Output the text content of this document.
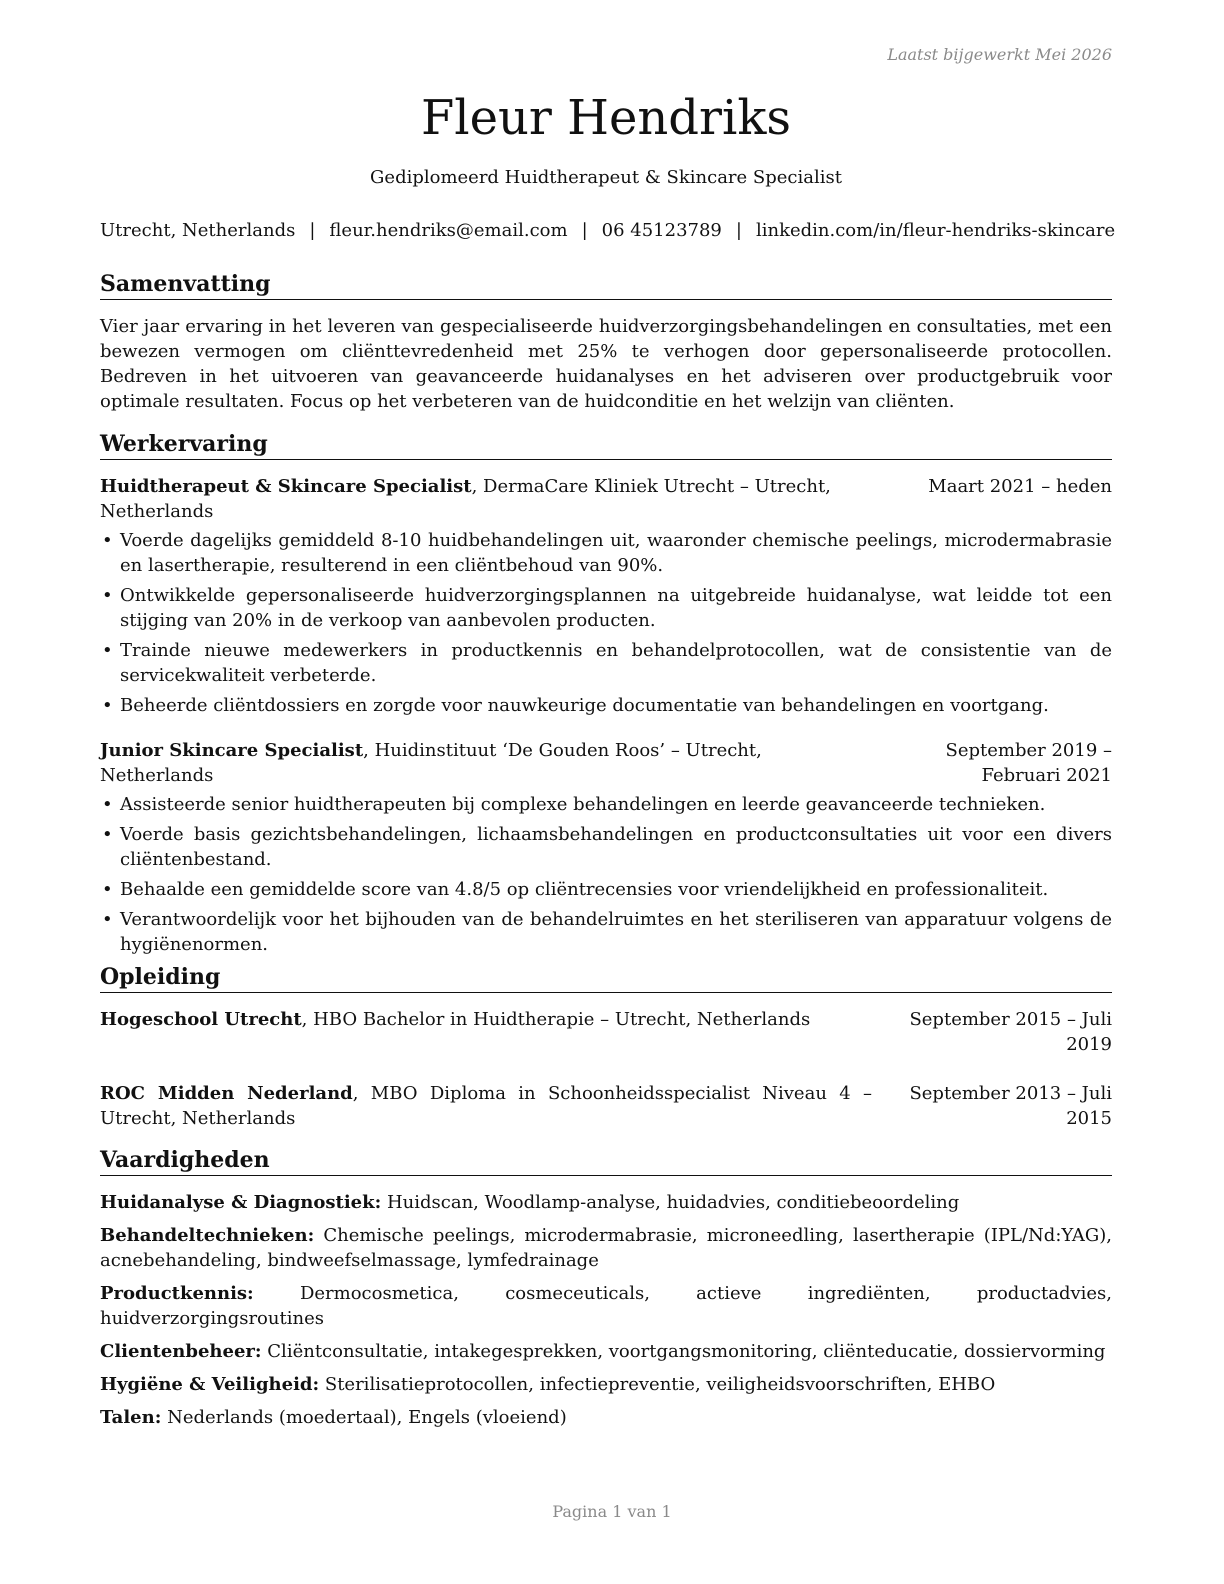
Laatst bijgewerkt Mei 2026
Fleur Hendriks
Gediplomeerd Huidtherapeut & Skincare Specialist
Utrecht, Netherlands | fleur.hendriks@email.com | 06 45123789 | linkedin.com/in/fleur-hendriks-skincare
Samenvatting
Vier jaar ervaring in het leveren van gespecialiseerde huidverzorgingsbehandelingen en consultaties, met een bewezen vermogen om cliënttevredenheid met 25% te verhogen door gepersonaliseerde protocollen. Bedreven in het uitvoeren van geavanceerde huidanalyses en het adviseren over productgebruik voor optimale resultaten. Focus op het verbeteren van de huidconditie en het welzijn van cliënten.
Werkervaring
Huidtherapeut & Skincare Specialist, DermaCare Kliniek Utrecht – Utrecht, Netherlands
Maart 2021 – heden
• Voerde dagelijks gemiddeld 8-10 huidbehandelingen uit, waaronder chemische peelings, microdermabrasie en lasertherapie, resulterend in een cliëntbehoud van 90%.
• Ontwikkelde gepersonaliseerde huidverzorgingsplannen na uitgebreide huidanalyse, wat leidde tot een stijging van 20% in de verkoop van aanbevolen producten.
• Trainde nieuwe medewerkers in productkennis en behandelprotocollen, wat de consistentie van de servicekwaliteit verbeterde.
• Beheerde cliëntdossiers en zorgde voor nauwkeurige documentatie van behandelingen en voortgang.
Junior Skincare Specialist, Huidinstituut ‘De Gouden Roos’ – Utrecht, Netherlands
September 2019 – Februari 2021
• Assisteerde senior huidtherapeuten bij complexe behandelingen en leerde geavanceerde technieken.
• Voerde basis gezichtsbehandelingen, lichaamsbehandelingen en productconsultaties uit voor een divers cliëntenbestand.
• Behaalde een gemiddelde score van 4.8/5 op cliëntrecensies voor vriendelijkheid en professionaliteit.
• Verantwoordelijk voor het bijhouden van de behandelruimtes en het steriliseren van apparatuur volgens de hygiënenormen.
Opleiding
Hogeschool Utrecht, HBO Bachelor in Huidtherapie – Utrecht, Netherlands	September 2015 – Juli 2019
ROC Midden Nederland, MBO Diploma in Schoonheidsspecialist Niveau 4 – Utrecht, Netherlands
September 2013 – Juli 2015
Vaardigheden
Huidanalyse & Diagnostiek: Huidscan, Woodlamp-analyse, huidadvies, conditiebeoordeling
Behandeltechnieken: Chemische peelings, microdermabrasie, microneedling, lasertherapie (IPL/Nd:YAG), acnebehandeling, bindweefselmassage, lymfedrainage
Productkennis: Dermocosmetica, cosmeceuticals, actieve ingrediënten, productadvies, huidverzorgingsroutines
Clientenbeheer: Cliëntconsultatie, intakegesprekken, voortgangsmonitoring, cliënteducatie, dossiervorming
Hygiëne & Veiligheid: Sterilisatieprotocollen, infectiepreventie, veiligheidsvoorschriften, EHBO
Talen: Nederlands (moedertaal), Engels (vloeiend)
Pagina 1 van 1
